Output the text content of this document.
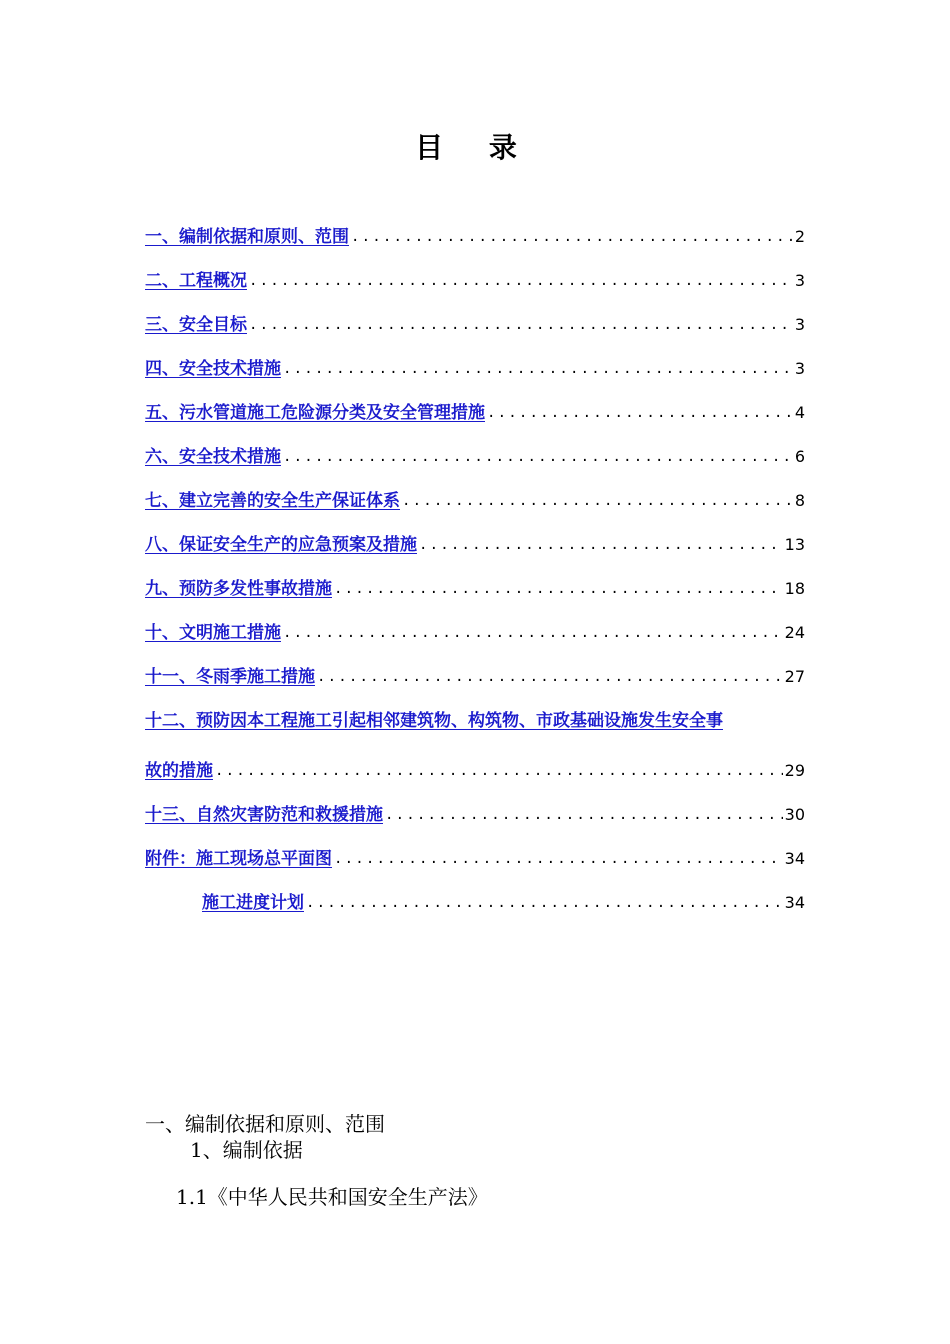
目 录
一、编制依据和原则、范围 .....	2
二、工程概况 .....	3
三、安全目标 .....	3
四、安全技术措施 .....	3
五、污水管道施工危险源分类及安全管理措施 .....	4
六、安全技术措施 .....	6
七、建立完善的安全生产保证体系 .....	8
八、保证安全生产的应急预案及措施 .....	13
九、预防多发性事故措施 .....	18
十、文明施工措施 .....	24
十一、冬雨季施工措施 .....	27
十二、预防因本工程施工引起相邻建筑物、构筑物、市政基础设施发生安全事
故的措施 .....	29
十三、自然灾害防范和救援措施 .....	30
附件：施工现场总平面图 .....	34
施工进度计划 .....	34
一、编制依据和原则、范围
1、编制依据
1.1《中华人民共和国安全生产法》
